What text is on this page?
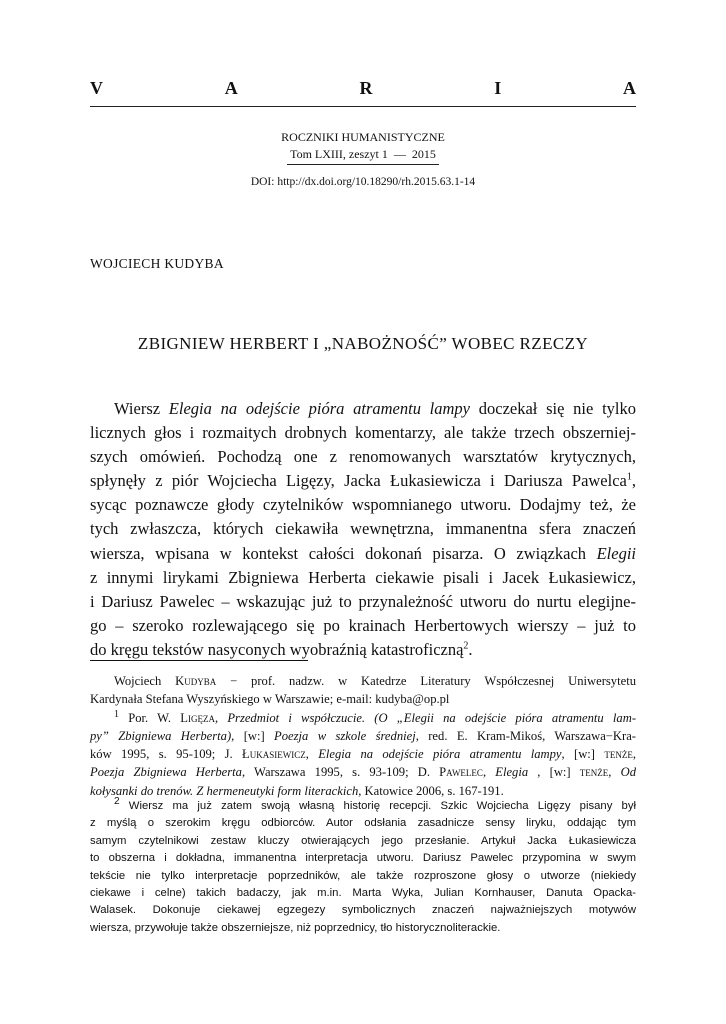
V	A	R	I	A
ROCZNIKI HUMANISTYCZNE
Tom LXIII, zeszyt 1 — 2015
DOI: http://dx.doi.org/10.18290/rh.2015.63.1-14
WOJCIECH KUDYBA
ZBIGNIEW HERBERT I „NABOŻNOŚĆ” WOBEC RZECZY
Wiersz Elegia na odejście pióra atramentu lampy doczekał się nie tylko
licznych głos i rozmaitych drobnych komentarzy, ale także trzech obszerniej-
szych omówień. Pochodzą one z renomowanych warsztatów krytycznych,
spłynęły z piór Wojciecha Ligęzy, Jacka Łukasiewicza i Dariusza Pawelca$^1$,
sycąc poznawcze głody czytelników wspomnianego utworu. Dodajmy też, że
tych zwłaszcza, których ciekawiła wewnętrzna, immanentna sfera znaczeń
wiersza, wpisana w kontekst całości dokonań pisarza. O związkach Elegii
z innymi lirykami Zbigniewa Herberta ciekawie pisali i Jacek Łukasiewicz,
i Dariusz Pawelec – wskazując już to przynależność utworu do nurtu elegijne-
go – szeroko rozlewającego się po krainach Herbertowych wierszy – już to
do kręgu tekstów nasyconych wyobraźnią katastroficzną$^2$.
Wojciech Kudyba − prof. nadzw. w Katedrze Literatury Współczesnej Uniwersytetu
Kardynała Stefana Wyszyńskiego w Warszawie; e-mail: kudyba@op.pl
$^1$ Por. W. Ligęza, Przedmiot i współczucie. (O „Elegii na odejście pióra atramentu lam-
py” Zbigniewa Herberta), [w:] Poezja w szkole średniej, red. E. Kram-Mikoś, Warszawa−Kra-
ków 1995, s. 95-109; J. Łukasiewicz, Elegia na odejście pióra atramentu lampy, [w:] tenże,
Poezja Zbigniewa Herberta, Warszawa 1995, s. 93-109; D. Pawelec, Elegia , [w:] tenże, Od
kołysanki do trenów. Z hermeneutyki form literackich, Katowice 2006, s. 167-191.
$^2$ Wiersz ma już zatem swoją własną historię recepcji. Szkic Wojciecha Ligęzy pisany był
z myślą o szerokim kręgu odbiorców. Autor odsłania zasadnicze sensy liryku, oddając tym
samym czytelnikowi zestaw kluczy otwierających jego przesłanie. Artykuł Jacka Łukasiewicza
to obszerna i dokładna, immanentna interpretacja utworu. Dariusz Pawelec przypomina w swym
tekście nie tylko interpretacje poprzedników, ale także rozproszone głosy o utworze (niekiedy
ciekawe i celne) takich badaczy, jak m.in. Marta Wyka, Julian Kornhauser, Danuta Opacka-
Walasek. Dokonuje ciekawej egzegezy symbolicznych znaczeń najważniejszych motywów
wiersza, przywołuje także obszerniejsze, niż poprzednicy, tło historycznoliterackie.
